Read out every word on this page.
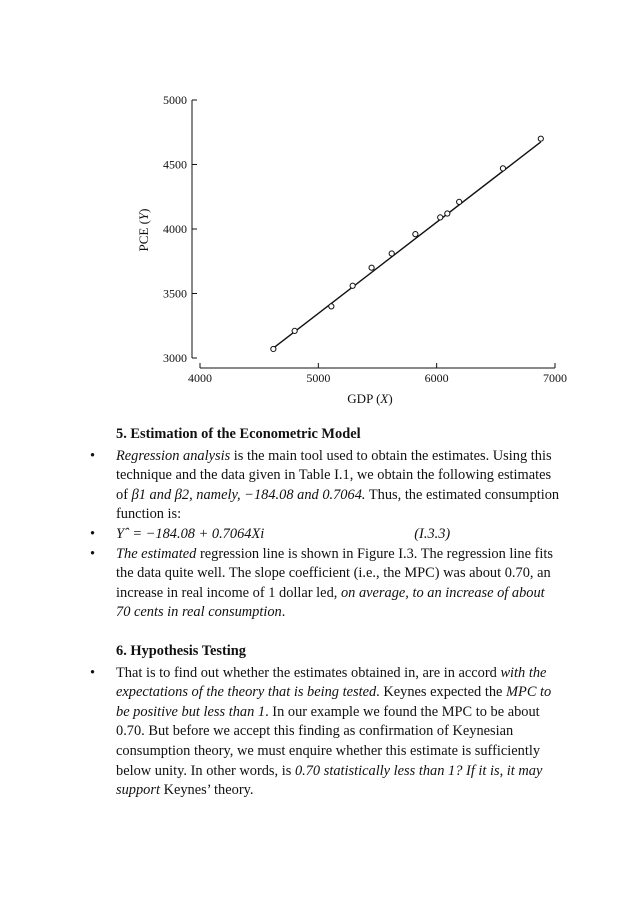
3000
3500
4000
4500
5000
4000	5000	6000	7000
GDP (X)
PCE (Y)
5. Estimation of the Econometric Model
• Regression analysis is the main tool used to obtain the estimates. Using this technique and the data given in Table I.1, we obtain the following estimates of β1 and β2, namely, −184.08 and 0.7064. Thus, the estimated consumption function is:
• Yˆ = −184.08 + 0.7064Xi	(I.3.3)
• The estimated regression line is shown in Figure I.3. The regression line fits the data quite well. The slope coefficient (i.e., the MPC) was about 0.70, an increase in real income of 1 dollar led, on average, to an increase of about 70 cents in real consumption.
6. Hypothesis Testing
• That is to find out whether the estimates obtained in, are in accord with the expectations of the theory that is being tested. Keynes expected the MPC to be positive but less than 1. In our example we found the MPC to be about 0.70. But before we accept this finding as confirmation of Keynesian consumption theory, we must enquire whether this estimate is sufficiently below unity. In other words, is 0.70 statistically less than 1? If it is, it may support Keynes’ theory.
